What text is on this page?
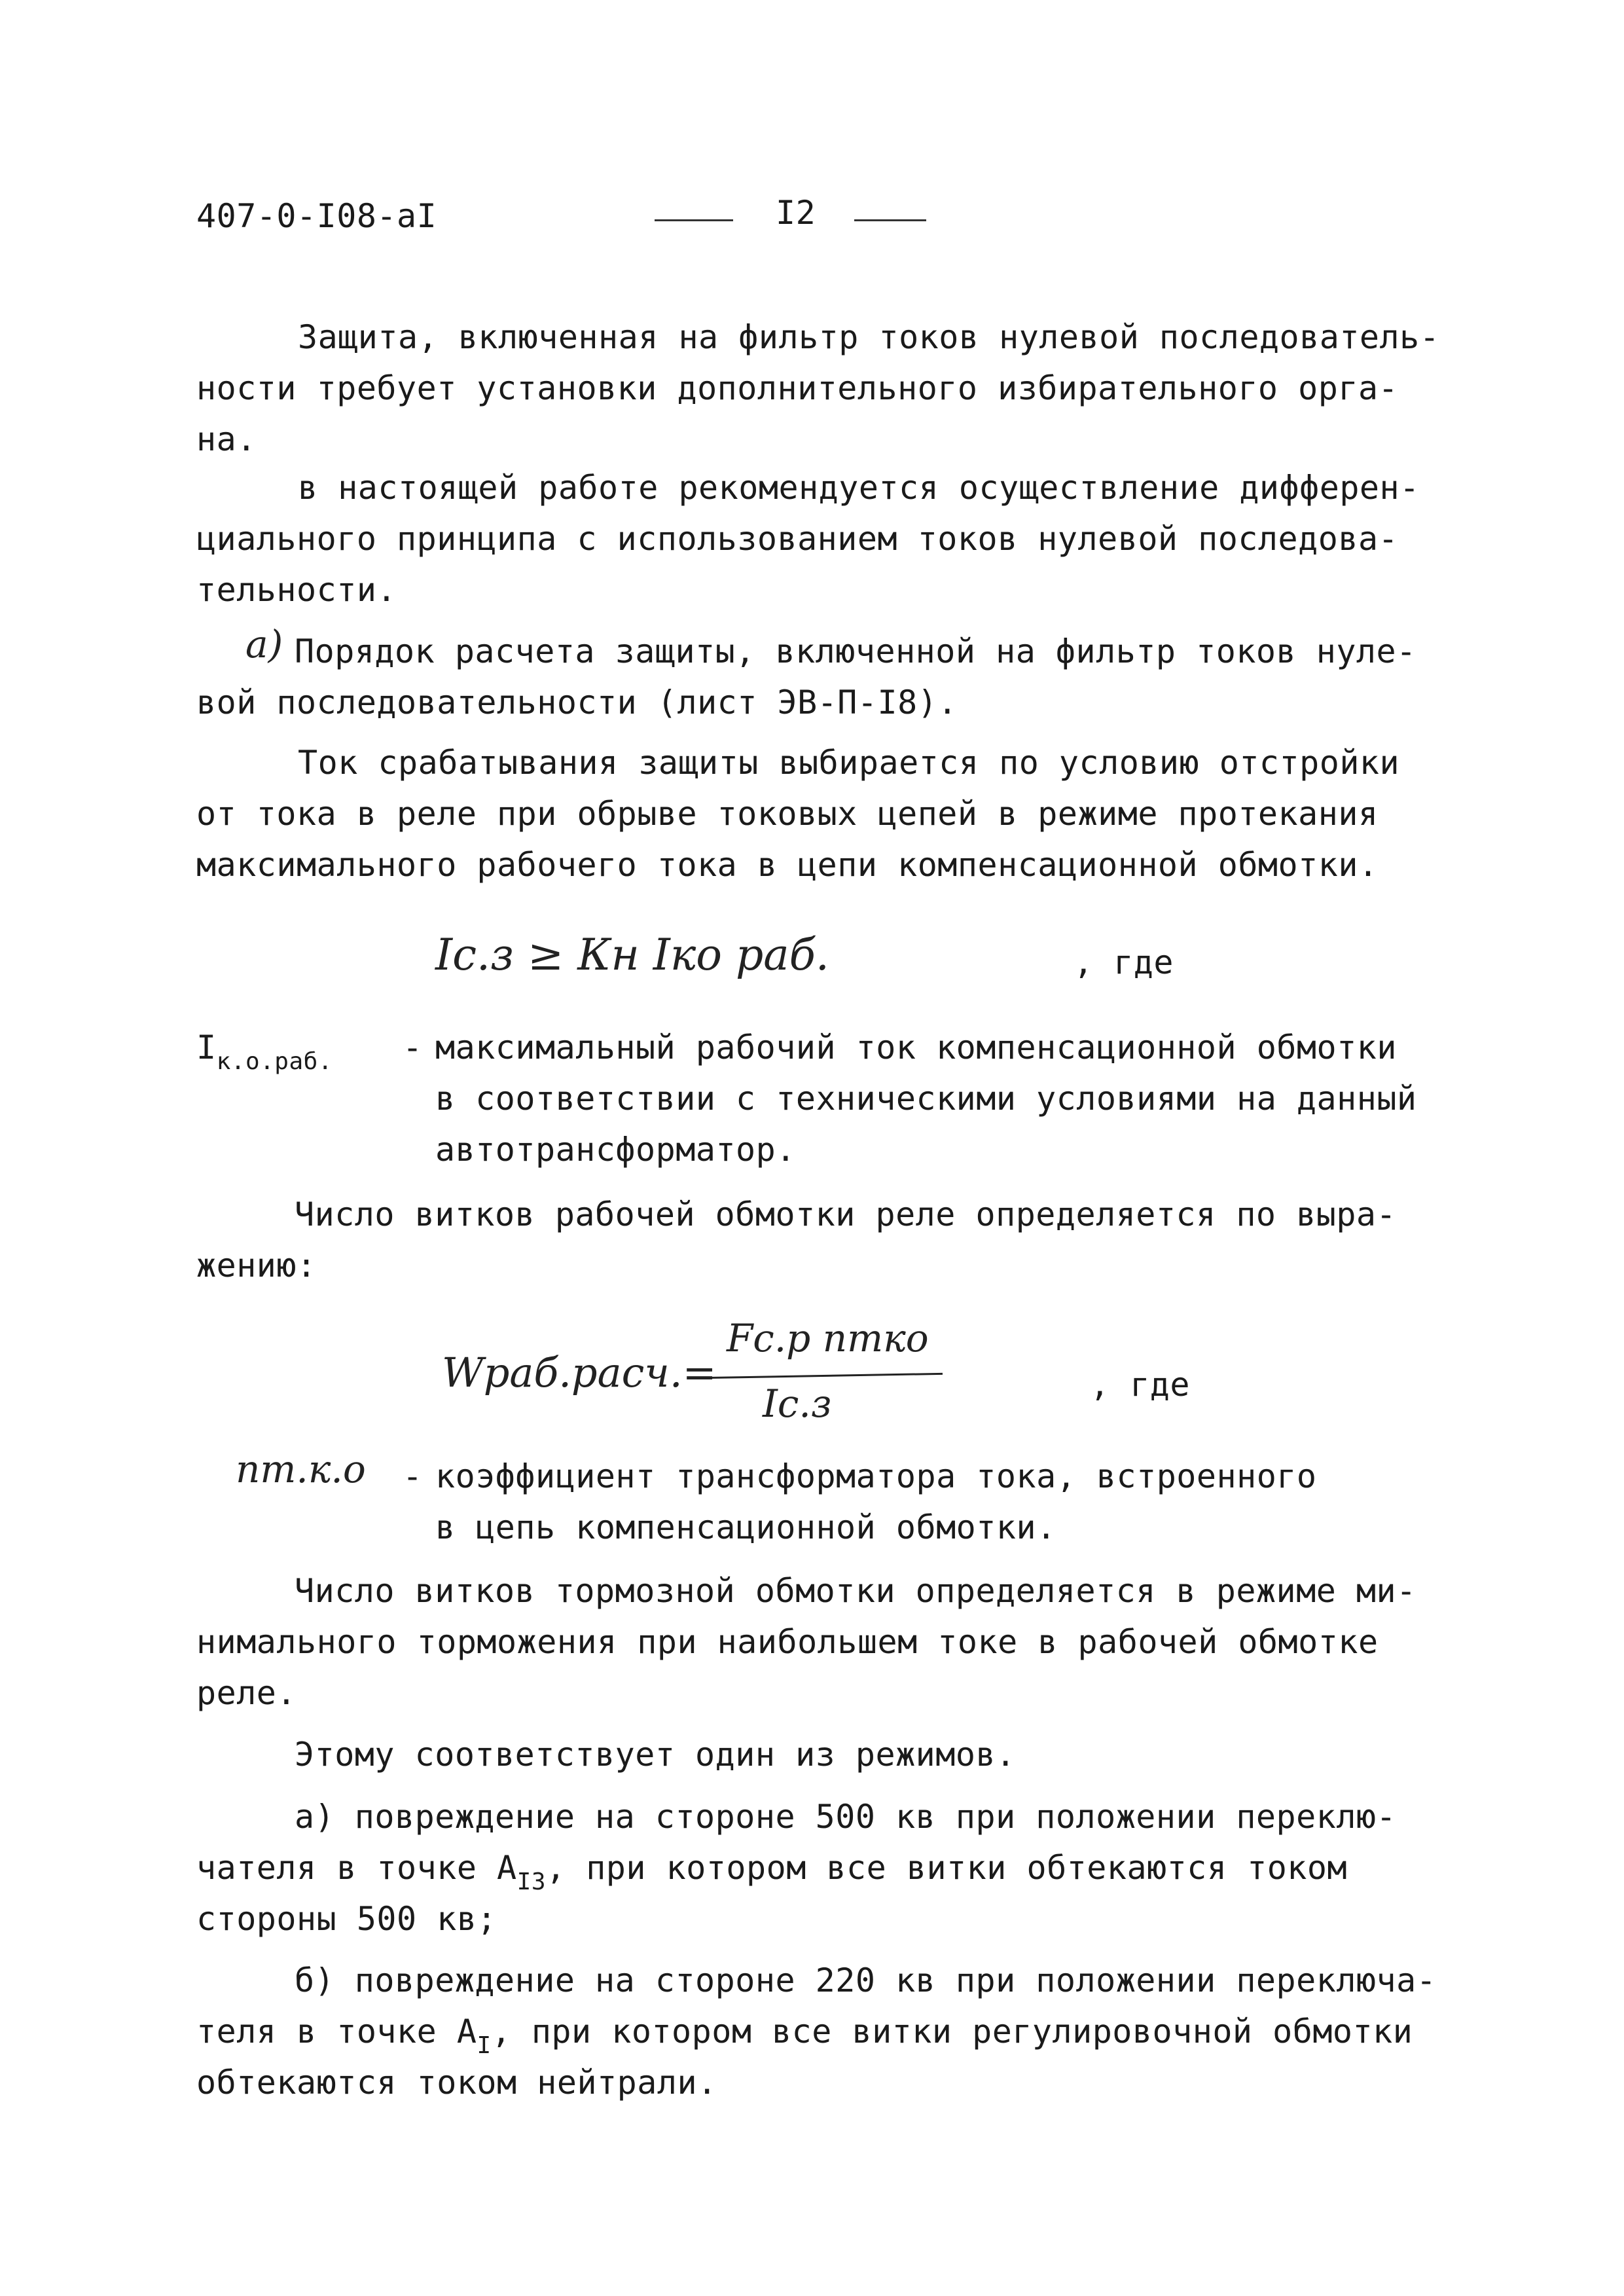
407-0-I08-aI	I2
Защита, включенная на фильтр токов нулевой последователь-
ности требует установки дополнительного избирательного орга-
на.
в настоящей работе рекомендуется осуществление дифферен-
циального принципа с использованием токов нулевой последова-
тельности.
а) Порядок расчета защиты, включенной на фильтр токов нуле-
вой последовательности (лист ЭВ-П-I8).
Ток срабатывания защиты выбирается по условию отстройки
от тока в реле при обрыве токовых цепей в режиме протекания
максимального рабочего тока в цепи компенсационной обмотки.
Iс.з ≥ Кн Iко раб.	, где
$I_{к.о.раб.}$ - максимальный рабочий ток компенсационной обмотки
в соответствии с техническими условиями на данный
автотрансформатор.
Число витков рабочей обмотки реле определяется по выра-
жению:
Wраб.расч.=
Fс.р nтко
Iс.з	, где
nт.к.о - коэффициент трансформатора тока, встроенного
в цепь компенсационной обмотки.
Число витков тормозной обмотки определяется в режиме ми-
нимального торможения при наибольшем токе в рабочей обмотке
реле.
Этому соответствует один из режимов.
а) повреждение на стороне 500 кв при положении переклю-
чателя в точке $А_{I3}$, при котором все витки обтекаются током
стороны 500 кв;
б) повреждение на стороне 220 кв при положении переключа-
теля в точке $А_I$, при котором все витки регулировочной обмотки
обтекаются током нейтрали.
